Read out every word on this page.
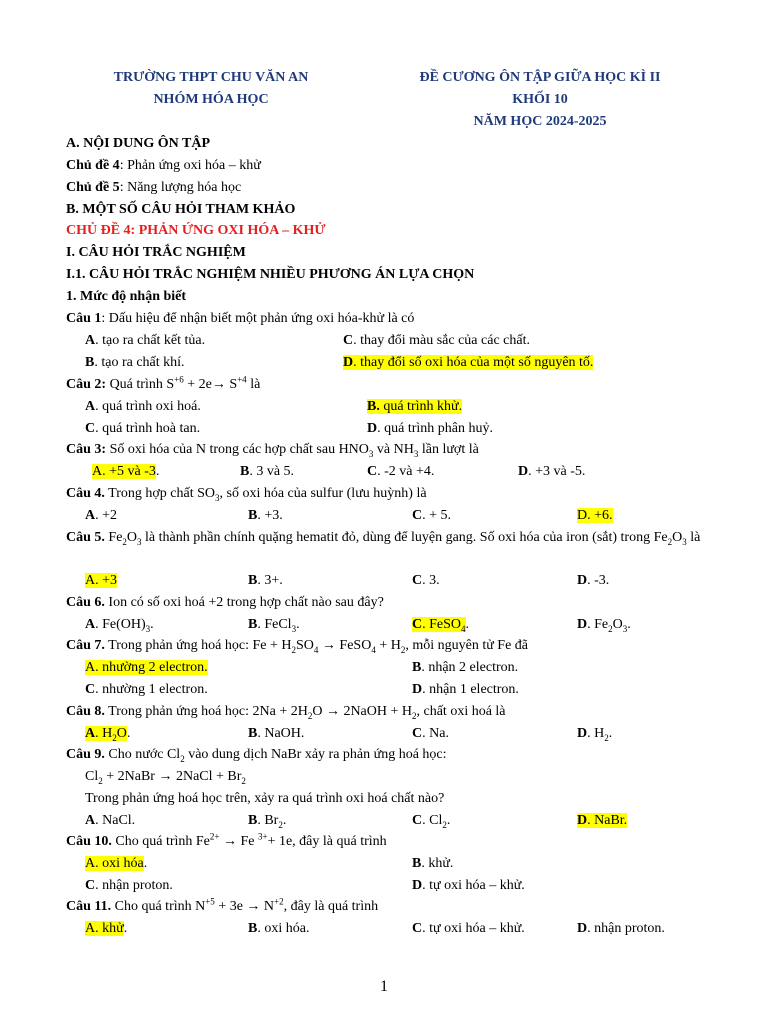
TRƯỜNG THPT CHU VĂN AN
NHÓM HÓA HỌC
ĐỀ CƯƠNG ÔN TẬP GIỮA HỌC KÌ II
KHỐI 10
NĂM HỌC 2024-2025
A. NỘI DUNG ÔN TẬP
Chủ đề 4: Phản ứng oxi hóa – khử
Chủ đề 5: Năng lượng hóa học
B. MỘT SỐ CÂU HỎI THAM KHẢO
CHỦ ĐỀ 4: PHẢN ỨNG OXI HÓA – KHỬ
I. CÂU HỎI TRẮC NGHIỆM
I.1. CÂU HỎI TRẮC NGHIỆM NHIỀU PHƯƠNG ÁN LỰA CHỌN
1. Mức độ nhận biết
Câu 1: Dấu hiệu để nhận biết một phản ứng oxi hóa-khử là có
A. tạo ra chất kết tủa.	C. thay đổi màu sắc của các chất.
B. tạo ra chất khí.	D. thay đổi số oxi hóa của một số nguyên tố.
Câu 2: Quá trình $S^{+6} + 2e\to S^{+4}$ là
A. quá trình oxi hoá.	B. quá trình khử.
C. quá trình hoà tan.	D. quá trình phân huỷ.
Câu 3: Số oxi hóa của N trong các hợp chất sau $HNO_3$ và $NH_3$ lần lượt là
A. +5 và -3.	B. 3 và 5.	C. -2 và +4.	D. +3 và -5.
Câu 4. Trong hợp chất $SO_3$, số oxi hóa của sulfur (lưu huỳnh) là
A. +2	B. +3.	C. + 5.	D. +6.
Câu 5. $Fe_2O_3$ là thành phần chính quặng hematit đỏ, dùng để luyện gang. Số oxi hóa của iron (sắt) trong $Fe_2O_3$ là
A. +3	B. 3+.	C. 3.	D. -3.
Câu 6. Ion có số oxi hoá +2 trong hợp chất nào sau đây?
A. $Fe(OH)_3$.	B. FeCl$_3$.	C. FeSO$_4$.	D. $Fe_2O_3$.
Câu 7. Trong phản ứng hoá học: $Fe + H_2SO_4$ → FeSO$_4$ + $H_2$, mỗi nguyên tử Fe đã
A. nhường 2 electron.	B. nhận 2 electron.
C. nhường 1 electron.	D. nhận 1 electron.
Câu 8. Trong phản ứng hoá học: $2Na + 2H_2O$ → 2NaOH + $H_2$, chất oxi hoá là
A. $H_2O$.	B. NaOH.	C. Na.	D. $H_2$.
Câu 9. Cho nước $Cl_2$ vào dung dịch NaBr xảy ra phản ứng hoá học:
$Cl_2$ + 2NaBr → 2NaCl + $Br_2$
Trong phản ứng hoá học trên, xảy ra quá trình oxi hoá chất nào?
A. NaCl.	B. $Br_2$.	C. $Cl_2$.	D. NaBr.
Câu 10. Cho quá trình $Fe^{2+} \to Fe$ $^{3+}$+ 1e, đây là quá trình
A. oxi hóa.	B. khử.
C. nhận proton.	D. tự oxi hóa – khử.
Câu 11. Cho quá trình $N^{+5} + 3e \to N^{+2}$, đây là quá trình
A. khử.	B. oxi hóa.	C. tự oxi hóa – khử.	D. nhận proton.
1
